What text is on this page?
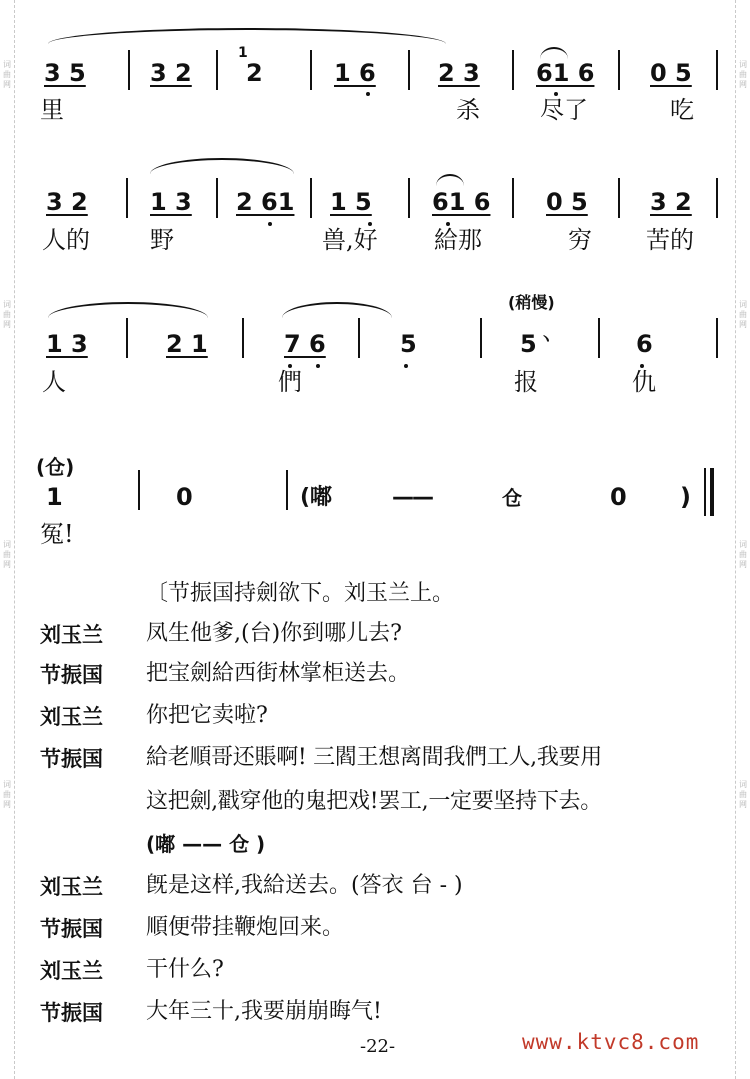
词曲网
词曲网
词曲网
词曲网
词曲网
词曲网
词曲网
词曲网
3 5	3 2
1
2	1 6	2 3 61 6 0 5
里	杀	尽了	吃
3 2	1 3 2 61 1 5	61 6 0 5	3 2
人的	野	兽,好 給那	穷 苦的
(稍慢)
1 3	2 1	7 6	5	5 ヽ	6
人	們	报	仇
(仓)
1	0	(嘟	——	仓	0 )
冤!
〔节振国持劍欲下。刘玉兰上。
刘玉兰 凤生他爹,(台)你到哪儿去?
节振国 把宝劍給西街林掌柜送去。
刘玉兰 你把它卖啦?
节振国 給老順哥还賬啊! 三閻王想离間我們工人,我要用
这把劍,戳穿他的鬼把戏!罢工,一定要坚持下去。
(嘟 —— 仓 )
刘玉兰 旣是这样,我給送去。(答衣 台 - )
节振国 順便带挂鞭炮回来。
刘玉兰 干什么?
节振国 大年三十,我要崩崩晦气!
-22-	www.ktvc8.com
